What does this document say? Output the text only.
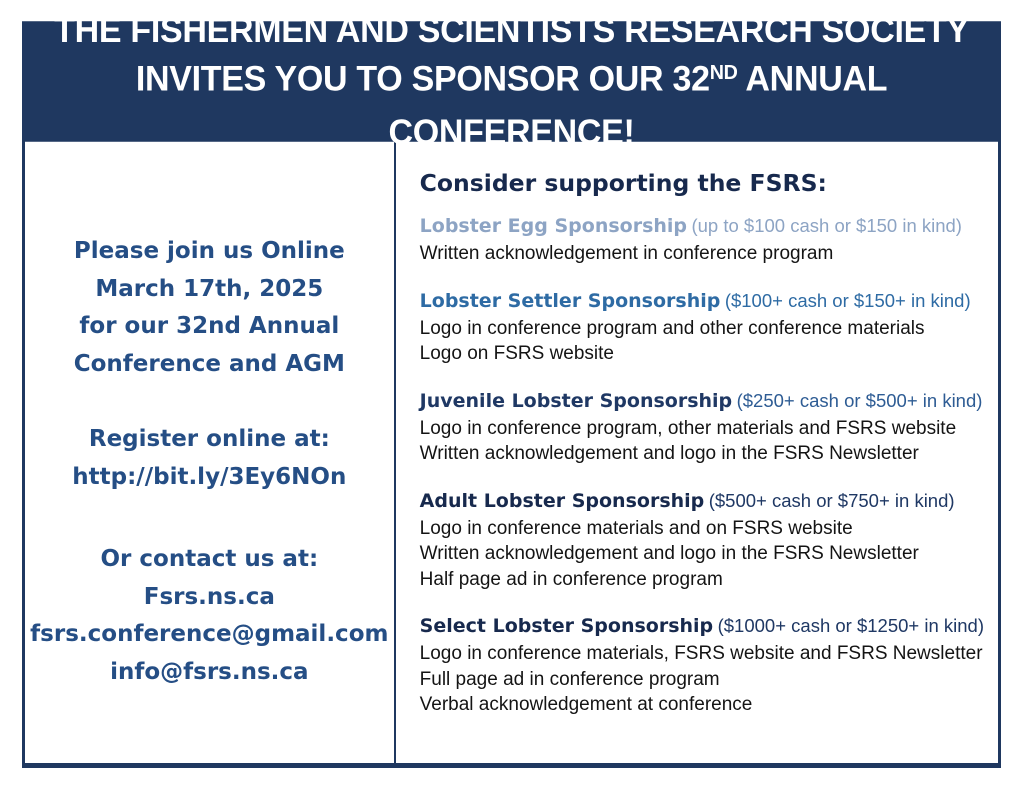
THE FISHERMEN AND SCIENTISTS RESEARCH SOCIETY
INVITES YOU TO SPONSOR OUR 32ND ANNUAL CONFERENCE!
Please join us Online
March 17th, 2025
for our 32nd Annual
Conference and AGM
Register online at:
http://bit.ly/3Ey6NOn
Or contact us at:
Fsrs.ns.ca
fsrs.conference@gmail.com
info@fsrs.ns.ca
Consider supporting the FSRS:
Lobster Egg Sponsorship (up to $100 cash or $150 in kind)
Written acknowledgement in conference program
Lobster Settler Sponsorship ($100+ cash or $150+ in kind)
Logo in conference program and other conference materials
Logo on FSRS website
Juvenile Lobster Sponsorship ($250+ cash or $500+ in kind)
Logo in conference program, other materials and FSRS website
Written acknowledgement and logo in the FSRS Newsletter
Adult Lobster Sponsorship ($500+ cash or $750+ in kind)
Logo in conference materials and on FSRS website
Written acknowledgement and logo in the FSRS Newsletter
Half page ad in conference program
Select Lobster Sponsorship ($1000+ cash or $1250+ in kind)
Logo in conference materials, FSRS website and FSRS Newsletter
Full page ad in conference program
Verbal acknowledgement at conference
